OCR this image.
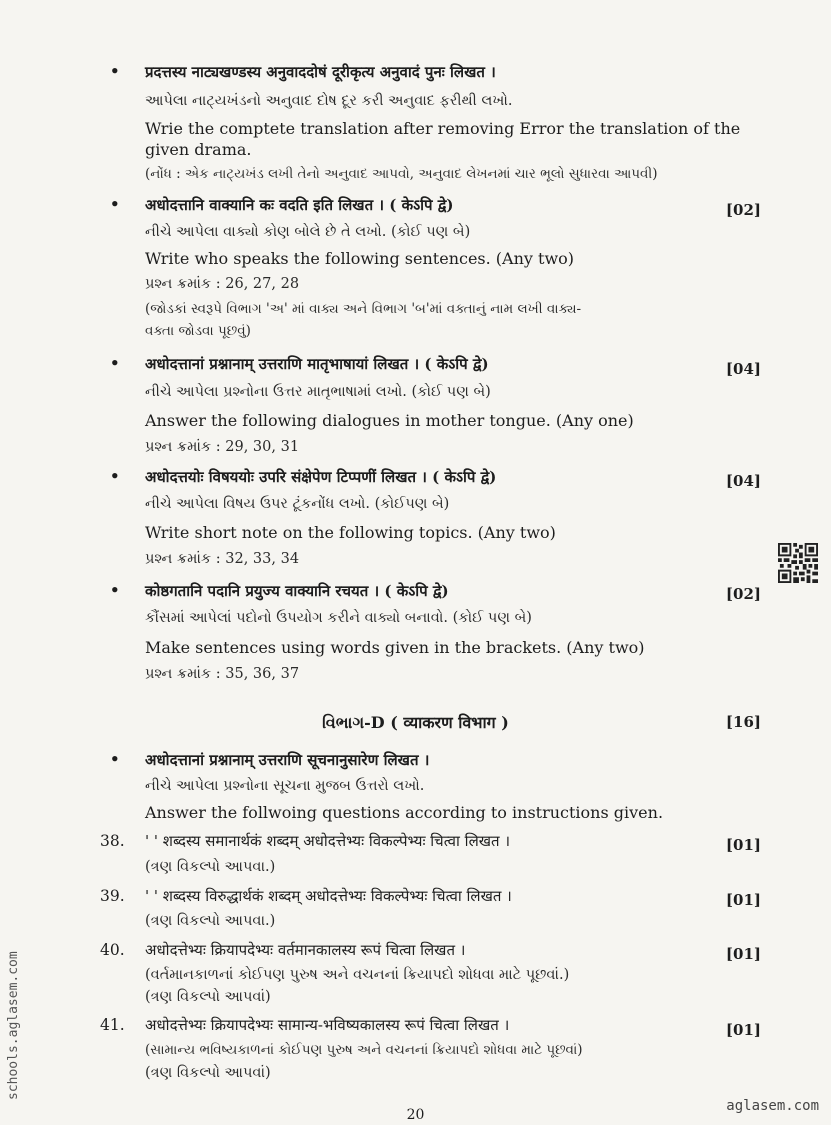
• प्रदत्तस्य नाट्यखण्डस्य अनुवाददोषं दूरीकृत्य अनुवादं पुनः लिखत ।
આપેલા નાટ્યખંડનો અનુવાદ દોષ દૂર કરી અનુવાદ ફરીથી લખો.
Wrie the comptete translation after removing Error the translation of the
given drama.
(નોંધ : એક નાટ્યખંડ લખી તેનો અનુવાદ આપવો, અનુવાદ લેખનમાં ચાર ભૂલો સુધારવા આપવી)
• अधोदत्तानि वाक्यानि कः वदति इति लिखत । ( केऽपि द्वे)	[02]
નીચે આપેલા વાક્યો કોણ બોલે છે તે લખો. (કોઈ પણ બે)
Write who speaks the following sentences. (Any two)
પ્રશ્ન ક્રમાંક : 26, 27, 28
(જોડકાં સ્વરૂપે વિભાગ 'અ' માં વાક્ય અને વિભાગ 'બ'માં વક્તાનું નામ લખી વાક્ય-
વક્તા જોડવા પૂછવું)
• अधोदत्तानां प्रश्नानाम् उत्तराणि मातृभाषायां लिखत । ( केऽपि द्वे)	[04]
નીચે આપેલા પ્રશ્નોના ઉત્તર માતૃભાષામાં લખો. (કોઈ પણ બે)
Answer the following dialogues in mother tongue. (Any one)
પ્રશ્ન ક્રમાંક : 29, 30, 31
• अधोदत्तयोः विषययोः उपरि संक्षेपेण टिप्पणीं लिखत । ( केऽपि द्वे)	[04]
નીચે આપેલા વિષય ઉપર ટૂંકનોંધ લખો. (કોઈપણ બે)
Write short note on the following topics. (Any two)
પ્રશ્ન ક્રમાંક : 32, 33, 34
• कोष्ठगतानि पदानि प्रयुज्य वाक्यानि रचयत । ( केऽपि द्वे)	[02]
કૌંસમાં આપેલાં પદોનો ઉપયોગ કરીને વાક્યો બનાવો. (કોઈ પણ બે)
Make sentences using words given in the brackets. (Any two)
પ્રશ્ન ક્રમાંક : 35, 36, 37
વિભાગ-D ( व्याकरण विभाग )	[16]
• अधोदत्तानां प्रश्नानाम् उत्तराणि सूचनानुसारेण लिखत ।
નીચે આપેલા પ્રશ્નોના સૂચના મુજબ ઉત્તરો લખો.
Answer the follwoing questions according to instructions given.
38. ' ' शब्दस्य समानार्थकं शब्दम् अधोदत्तेभ्यः विकल्पेभ्यः चित्वा लिखत ।	[01]
(ત્રણ વિકલ્પો આપવા.)
39. ' ' शब्दस्य विरुद्धार्थकं शब्दम् अधोदत्तेभ्यः विकल्पेभ्यः चित्वा लिखत ।	[01]
(ત્રણ વિકલ્પો આપવા.)
40. अधोदत्तेभ्यः क्रियापदेभ्यः वर्तमानकालस्य रूपं चित्वा लिखत ।	[01]
(વર્તમાનકાળનાં કોઈપણ પુરુષ અને વચનનાં ક્રિયાપદો શોધવા માટે પૂછવાં.)
(ત્રણ વિકલ્પો આપવાં)
41. अधोदत्तेभ्यः क्रियापदेभ्यः सामान्य-भविष्यकालस्य रूपं चित्वा लिखत ।	[01]
(સામાન્ય ભવિષ્યકાળનાં કોઈપણ પુરુષ અને વચનનાં ક્રિયાપદો શોધવા માટે પૂછવાં)
(ત્રણ વિકલ્પો આપવાં)
20
aglasem.com
schools.aglasem.com
